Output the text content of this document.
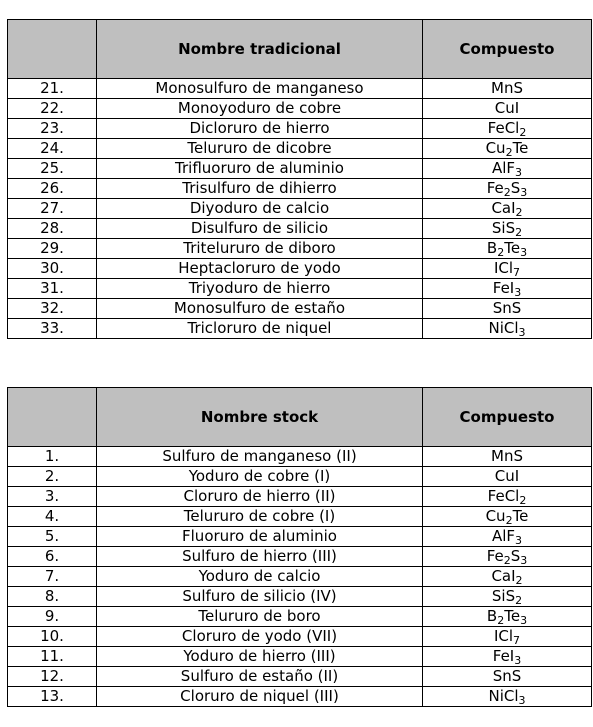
	Nombre tradicional	Compuesto
21.	Monosulfuro de manganeso	MnS
22.	Monoyoduro de cobre	CuI
23.	Dicloruro de hierro	FeCl$_2$
24.	Telururo de dicobre	$Cu_2Te$
25.	Trifluoruro de aluminio	AlF$_3$
26.	Trisulfuro de dihierro	$Fe_2S_3$
27.	Diyoduro de calcio	CaI$_2$
28.	Disulfuro de silicio	SiS$_2$
29.	Tritelururo de diboro	$B_2Te_3$
30.	Heptacloruro de yodo	ICl$_7$
31.	Triyoduro de hierro	FeI$_3$
32.	Monosulfuro de estaño	SnS
33.	Tricloruro de niquel	NiCl$_3$
	Nombre stock	Compuesto
1.	Sulfuro de manganeso (II)	MnS
2.	Yoduro de cobre (I)	CuI
3.	Cloruro de hierro (II)	FeCl$_2$
4.	Telururo de cobre (I)	$Cu_2Te$
5.	Fluoruro de aluminio	AlF$_3$
6.	Sulfuro de hierro (III)	$Fe_2S_3$
7.	Yoduro de calcio	CaI$_2$
8.	Sulfuro de silicio (IV)	SiS$_2$
9.	Telururo de boro	$B_2Te_3$
10.	Cloruro de yodo (VII)	ICl$_7$
11.	Yoduro de hierro (III)	FeI$_3$
12.	Sulfuro de estaño (II)	SnS
13.	Cloruro de niquel (III)	NiCl$_3$
